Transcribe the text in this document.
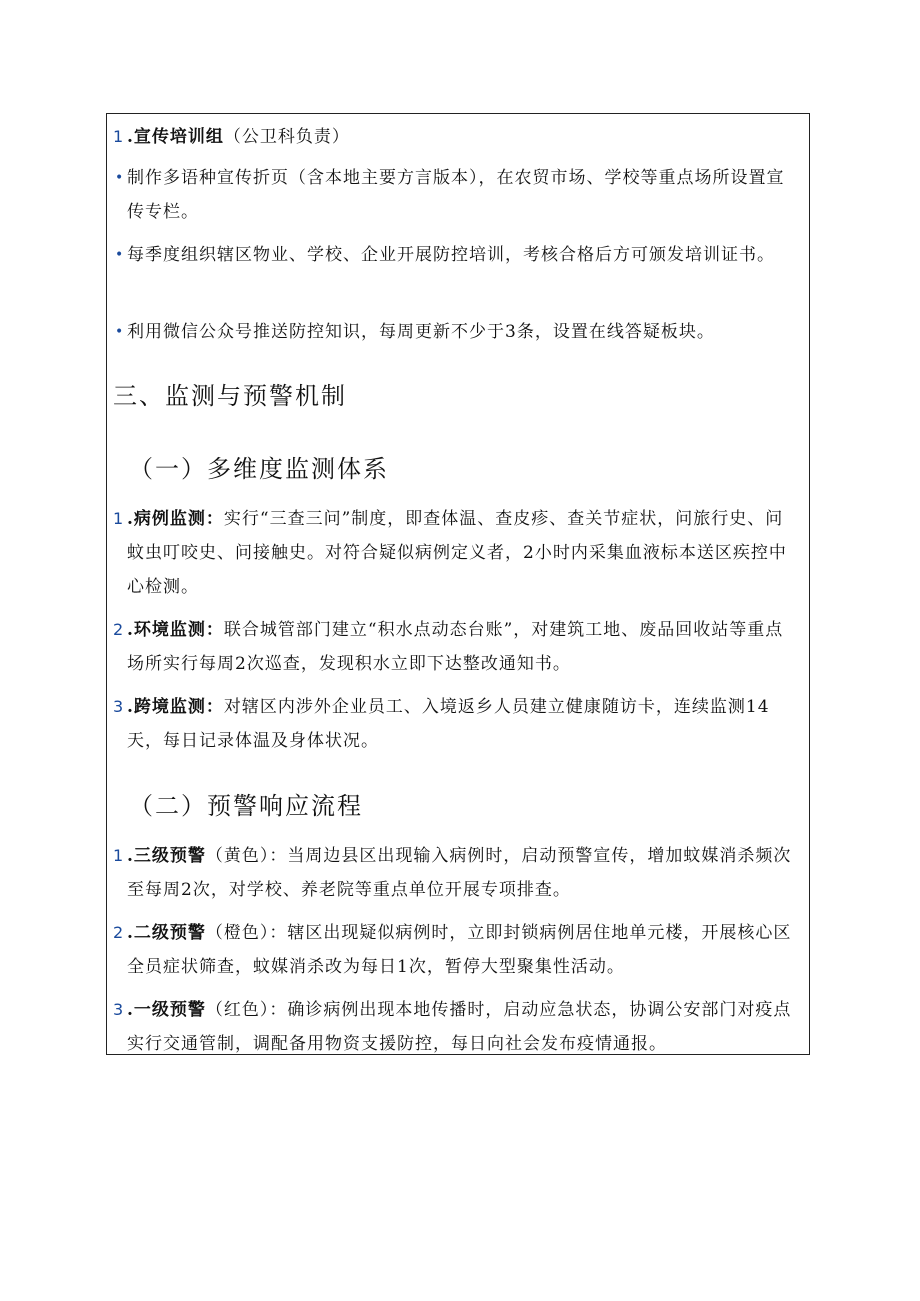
1 .宣传培训组（公卫科负责）
• 制作多语种宣传折页（含本地主要方言版本），在农贸市场、学校等重点场所设置宣传专栏。
• 每季度组织辖区物业、学校、企业开展防控培训，考核合格后方可颁发培训证书。
• 利用微信公众号推送防控知识，每周更新不少于3条，设置在线答疑板块。
三、监测与预警机制
（一）多维度监测体系
1 .病例监测：实行“三查三问”制度，即查体温、查皮疹、查关节症状，问旅行史、问蚊虫叮咬史、问接触史。对符合疑似病例定义者，2小时内采集血液标本送区疾控中心检测。
2 .环境监测：联合城管部门建立“积水点动态台账”，对建筑工地、废品回收站等重点场所实行每周2次巡查，发现积水立即下达整改通知书。
3 .跨境监测：对辖区内涉外企业员工、入境返乡人员建立健康随访卡，连续监测14天，每日记录体温及身体状况。
（二）预警响应流程
1 .三级预警（黄色）：当周边县区出现输入病例时，启动预警宣传，增加蚊媒消杀频次至每周2次，对学校、养老院等重点单位开展专项排查。
2 .二级预警（橙色）：辖区出现疑似病例时，立即封锁病例居住地单元楼，开展核心区全员症状筛查，蚊媒消杀改为每日1次，暂停大型聚集性活动。
3 .一级预警（红色）：确诊病例出现本地传播时，启动应急状态，协调公安部门对疫点实行交通管制，调配备用物资支援防控，每日向社会发布疫情通报。
